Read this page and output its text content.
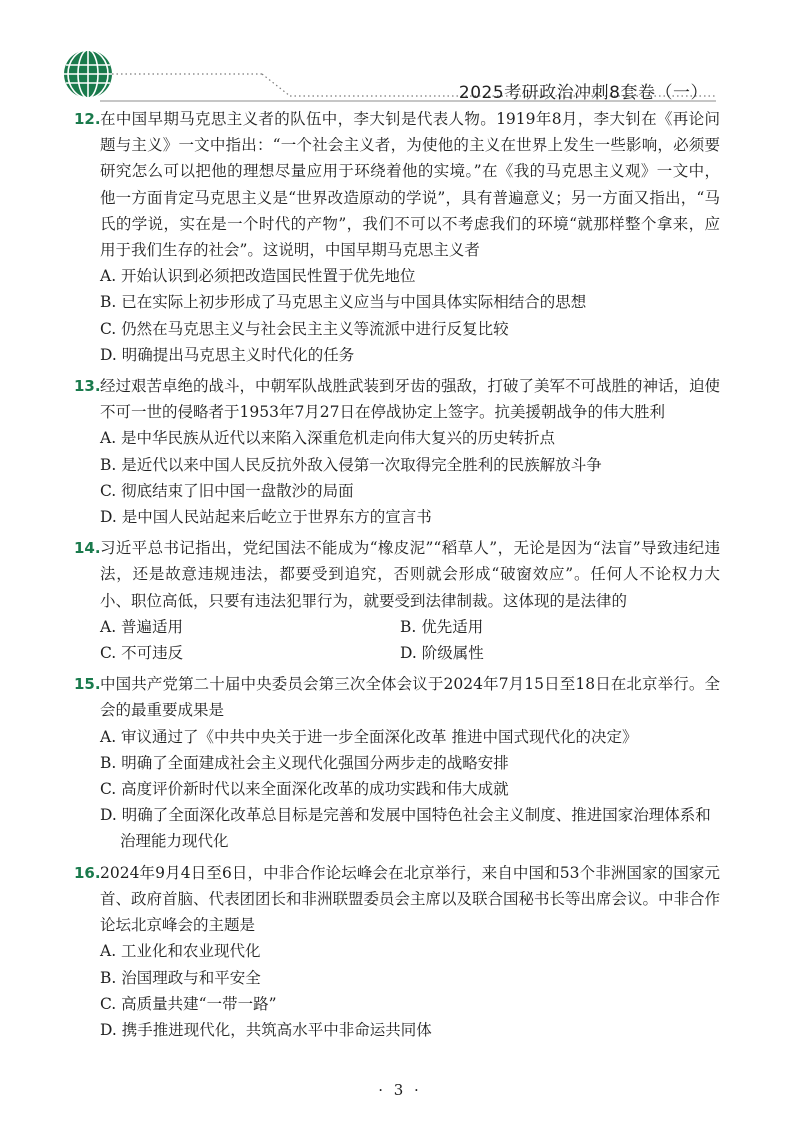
2025考研政治冲刺8套卷（一）
12. 在中国早期马克思主义者的队伍中，李大钊是代表人物。1919年8月，李大钊在《再论问题与主义》一文中指出：“一个社会主义者，为使他的主义在世界上发生一些影响，必须要研究怎么可以把他的理想尽量应用于环绕着他的实境。”在《我的马克思主义观》一文中，他一方面肯定马克思主义是“世界改造原动的学说”，具有普遍意义；另一方面又指出，“马氏的学说，实在是一个时代的产物”，我们不可以不考虑我们的环境“就那样整个拿来，应用于我们生存的社会”。这说明，中国早期马克思主义者
A. 开始认识到必须把改造国民性置于优先地位
B. 已在实际上初步形成了马克思主义应当与中国具体实际相结合的思想
C. 仍然在马克思主义与社会民主主义等流派中进行反复比较
D. 明确提出马克思主义时代化的任务
13. 经过艰苦卓绝的战斗，中朝军队战胜武装到牙齿的强敌，打破了美军不可战胜的神话，迫使不可一世的侵略者于1953年7月27日在停战协定上签字。抗美援朝战争的伟大胜利
A. 是中华民族从近代以来陷入深重危机走向伟大复兴的历史转折点
B. 是近代以来中国人民反抗外敌入侵第一次取得完全胜利的民族解放斗争
C. 彻底结束了旧中国一盘散沙的局面
D. 是中国人民站起来后屹立于世界东方的宣言书
14. 习近平总书记指出，党纪国法不能成为“橡皮泥”“稻草人”，无论是因为“法盲”导致违纪违法，还是故意违规违法，都要受到追究，否则就会形成“破窗效应”。任何人不论权力大小、职位高低，只要有违法犯罪行为，就要受到法律制裁。这体现的是法律的
A. 普遍适用	B. 优先适用
C. 不可违反	D. 阶级属性
15. 中国共产党第二十届中央委员会第三次全体会议于2024年7月15日至18日在北京举行。全会的最重要成果是
A. 审议通过了《中共中央关于进一步全面深化改革 推进中国式现代化的决定》
B. 明确了全面建成社会主义现代化强国分两步走的战略安排
C. 高度评价新时代以来全面深化改革的成功实践和伟大成就
D. 明确了全面深化改革总目标是完善和发展中国特色社会主义制度、推进国家治理体系和
治理能力现代化
16. 2024年9月4日至6日，中非合作论坛峰会在北京举行，来自中国和53个非洲国家的国家元首、政府首脑、代表团团长和非洲联盟委员会主席以及联合国秘书长等出席会议。中非合作论坛北京峰会的主题是
A. 工业化和农业现代化
B. 治国理政与和平安全
C. 高质量共建“一带一路”
D. 携手推进现代化，共筑高水平中非命运共同体
· 3 ·
